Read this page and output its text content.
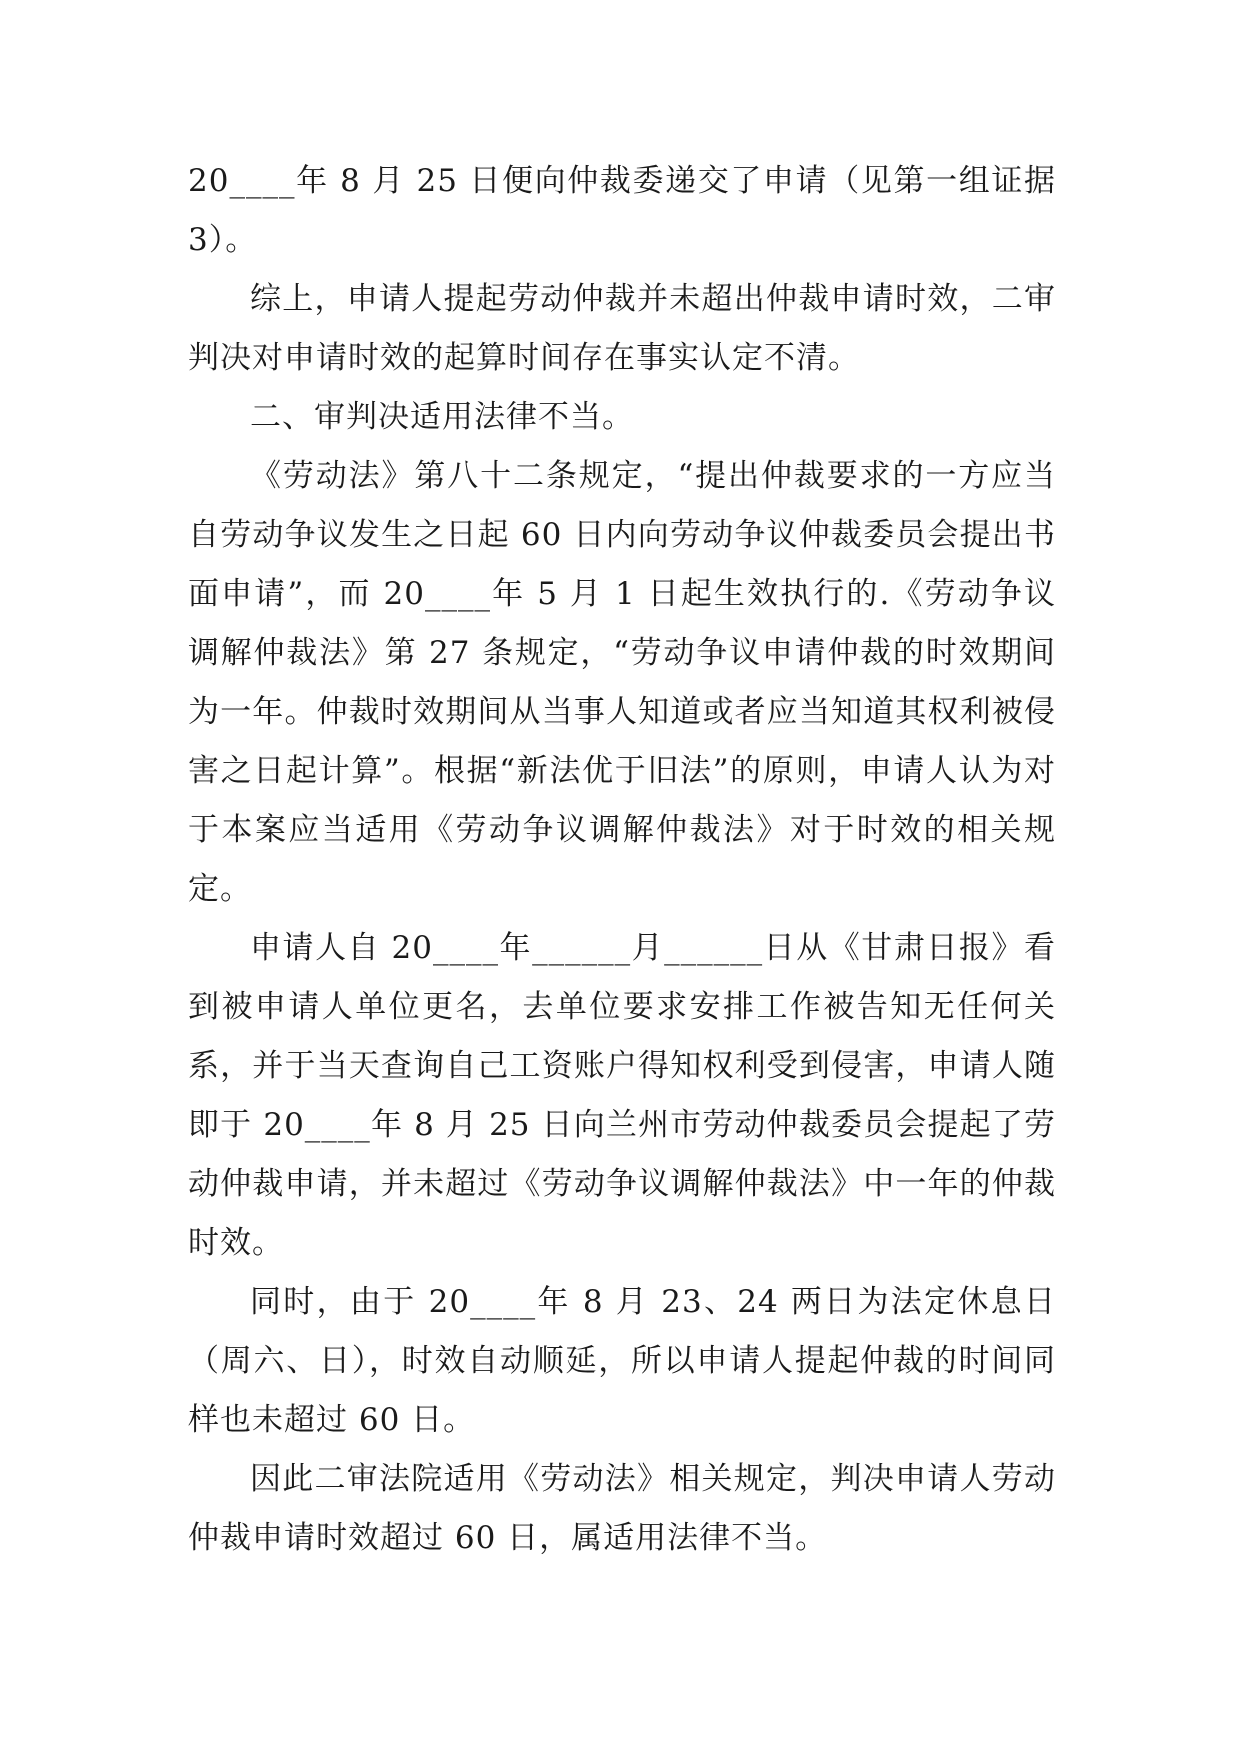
20____年 8 月 25 日便向仲裁委递交了申请（见第一组证据 3）。

综上，申请人提起劳动仲裁并未超出仲裁申请时效，二审判决对申请时效的起算时间存在事实认定不清。

二、审判决适用法律不当。

《劳动法》第八十二条规定，“提出仲裁要求的一方应当自劳动争议发生之日起 60 日内向劳动争议仲裁委员会提出书面申请”，而 20____年 5 月 1 日起生效执行的.《劳动争议调解仲裁法》第 27 条规定，“劳动争议申请仲裁的时效期间为一年。仲裁时效期间从当事人知道或者应当知道其权利被侵害之日起计算”。根据“新法优于旧法”的原则，申请人认为对于本案应当适用《劳动争议调解仲裁法》对于时效的相关规定。

申请人自 20____年______月______日从《甘肃日报》看到被申请人单位更名，去单位要求安排工作被告知无任何关系，并于当天查询自己工资账户得知权利受到侵害，申请人随即于 20____年 8 月 25 日向兰州市劳动仲裁委员会提起了劳动仲裁申请，并未超过《劳动争议调解仲裁法》中一年的仲裁时效。

同时，由于 20____年 8 月 23、24 两日为法定休息日（周六、日），时效自动顺延，所以申请人提起仲裁的时间同样也未超过 60 日。

因此二审法院适用《劳动法》相关规定，判决申请人劳动仲裁申请时效超过 60 日，属适用法律不当。
